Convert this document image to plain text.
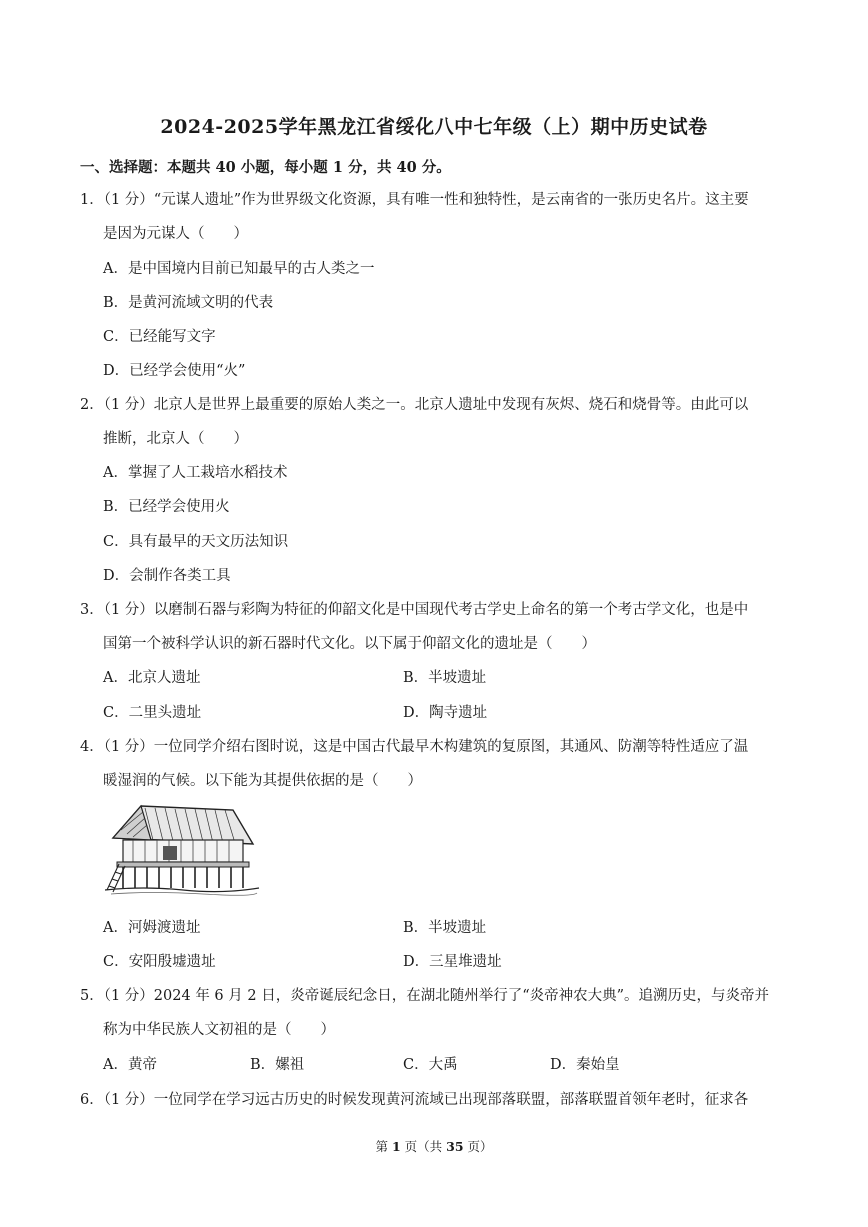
2024-2025学年黑龙江省绥化八中七年级（上）期中历史试卷
一、选择题：本题共 40 小题，每小题 1 分，共 40 分。
1．（1 分）“元谋人遗址”作为世界级文化资源，具有唯一性和独特性，是云南省的一张历史名片。这主要
是因为元谋人（　　）
A．是中国境内目前已知最早的古人类之一
B．是黄河流域文明的代表
C．已经能写文字
D．已经学会使用“火”
2．（1 分）北京人是世界上最重要的原始人类之一。北京人遗址中发现有灰烬、烧石和烧骨等。由此可以
推断，北京人（　　）
A．掌握了人工栽培水稻技术
B．已经学会使用火
C．具有最早的天文历法知识
D．会制作各类工具
3．（1 分）以磨制石器与彩陶为特征的仰韶文化是中国现代考古学史上命名的第一个考古学文化，也是中
国第一个被科学认识的新石器时代文化。以下属于仰韶文化的遗址是（　　）
A．北京人遗址	B．半坡遗址
C．二里头遗址	D．陶寺遗址
4．（1 分）一位同学介绍右图时说，这是中国古代最早木构建筑的复原图，其通风、防潮等特性适应了温
暖湿润的气候。以下能为其提供依据的是（　　）
A．河姆渡遗址	B．半坡遗址
C．安阳殷墟遗址	D．三星堆遗址
5．（1 分）2024 年 6 月 2 日，炎帝诞辰纪念日，在湖北随州举行了“炎帝神农大典”。追溯历史，与炎帝并
称为中华民族人文初祖的是（　　）
A．黄帝	B．嫘祖	C．大禹	D．秦始皇
6．（1 分）一位同学在学习远古历史的时候发现黄河流域已出现部落联盟，部落联盟首领年老时，征求各
第 1 页（共 35 页）
